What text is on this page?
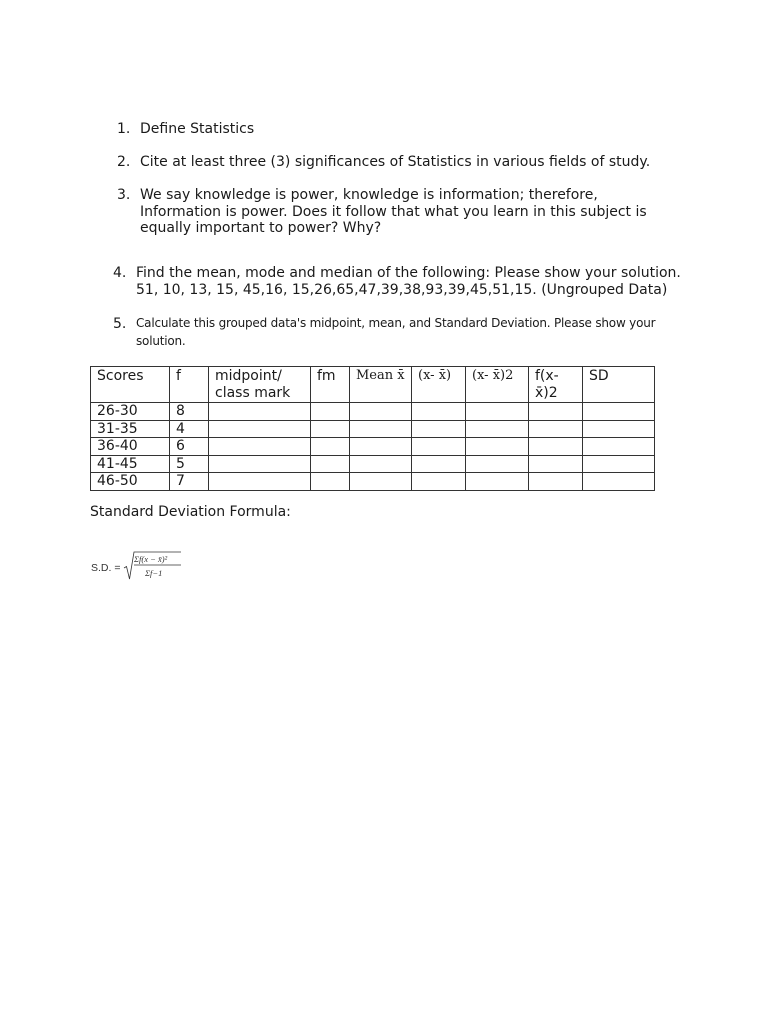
1. Define Statistics
2. Cite at least three (3) significances of Statistics in various fields of study.
3. We say knowledge is power, knowledge is information; therefore, Information is power. Does it follow that what you learn in this subject is equally important to power? Why?
4. Find the mean, mode and median of the following: Please show your solution.
51, 10, 13, 15, 45,16, 15,26,65,47,39,38,93,39,45,51,15. (Ungrouped Data)
5. Calculate this grouped data's midpoint, mean, and Standard Deviation. Please show your solution.
Scores	f	midpoint/ class mark	fm	Mean x̄	(x- x̄)	(x- x̄)2	f(x- x̄)2	SD
26-30	8							
31-35	4							
36-40	6							
41-45	5							
46-50	7							
Standard Deviation Formula:
S.D. =
Σf(x − x̄)²
Σf−1
